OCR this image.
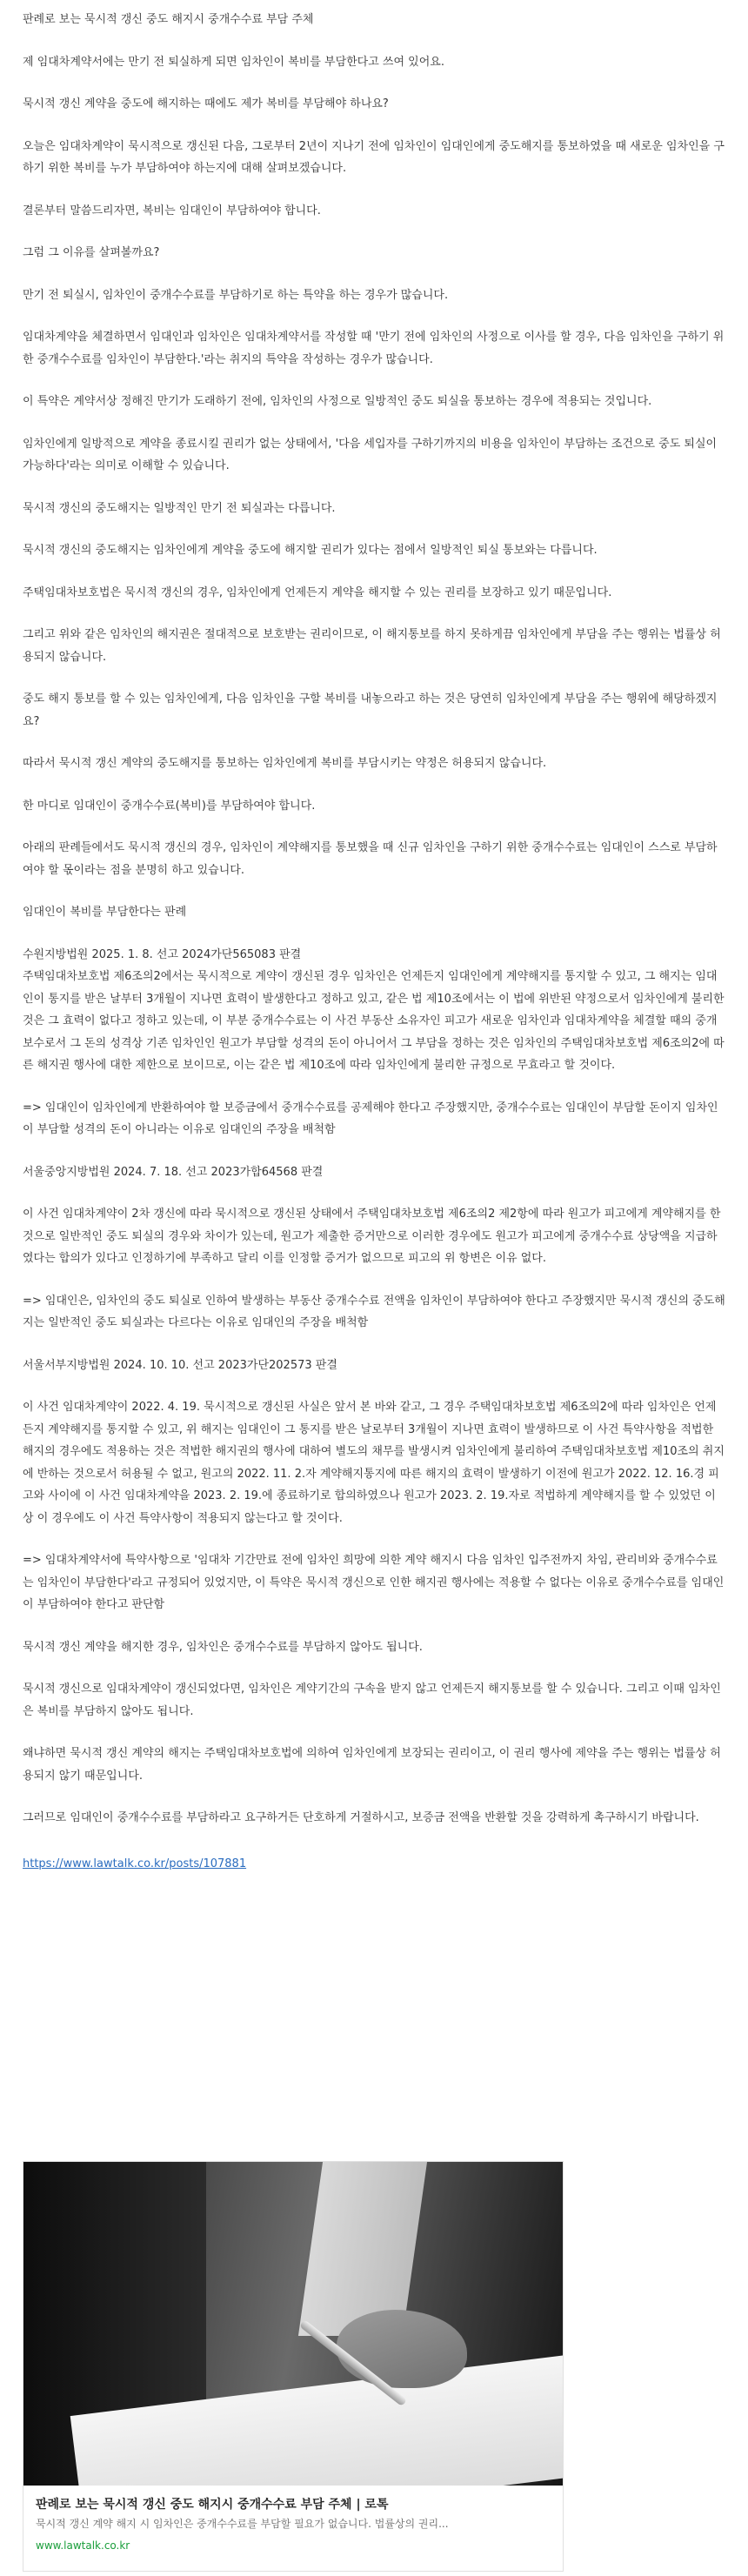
판례로 보는 묵시적 갱신 중도 해지시 중개수수료 부담 주체

제 임대차계약서에는 만기 전 퇴실하게 되면 임차인이 복비를 부담한다고 쓰여 있어요.

묵시적 갱신 계약을 중도에 해지하는 때에도 제가 복비를 부담해야 하나요?

오늘은 임대차계약이 묵시적으로 갱신된 다음, 그로부터 2년이 지나기 전에 임차인이 임대인에게 중도해지를 통보하였을 때 새로운 임차인을 구하기 위한 복비를 누가 부담하여야 하는지에 대해 살펴보겠습니다.

결론부터 말씀드리자면, 복비는 임대인이 부담하여야 합니다.

그럼 그 이유를 살펴볼까요?

만기 전 퇴실시, 임차인이 중개수수료를 부담하기로 하는 특약을 하는 경우가 많습니다.

임대차계약을 체결하면서 임대인과 임차인은 임대차계약서를 작성할 때 '만기 전에 임차인의 사정으로 이사를 할 경우, 다음 임차인을 구하기 위한 중개수수료를 임차인이 부담한다.'라는 취지의 특약을 작성하는 경우가 많습니다.

이 특약은 계약서상 정해진 만기가 도래하기 전에, 임차인의 사정으로 일방적인 중도 퇴실을 통보하는 경우에 적용되는 것입니다.

임차인에게 일방적으로 계약을 종료시킬 권리가 없는 상태에서, '다음 세입자를 구하기까지의 비용을 임차인이 부담하는 조건으로 중도 퇴실이 가능하다'라는 의미로 이해할 수 있습니다.

묵시적 갱신의 중도해지는 일방적인 만기 전 퇴실과는 다릅니다.

묵시적 갱신의 중도해지는 임차인에게 계약을 중도에 해지할 권리가 있다는 점에서 일방적인 퇴실 통보와는 다릅니다.

주택임대차보호법은 묵시적 갱신의 경우, 임차인에게 언제든지 계약을 해지할 수 있는 권리를 보장하고 있기 때문입니다.

그리고 위와 같은 임차인의 해지권은 절대적으로 보호받는 권리이므로, 이 해지통보를 하지 못하게끔 임차인에게 부담을 주는 행위는 법률상 허용되지 않습니다.

중도 해지 통보를 할 수 있는 임차인에게, 다음 임차인을 구할 복비를 내놓으라고 하는 것은 당연히 임차인에게 부담을 주는 행위에 해당하겠지요?

따라서 묵시적 갱신 계약의 중도해지를 통보하는 임차인에게 복비를 부담시키는 약정은 허용되지 않습니다.

한 마디로 임대인이 중개수수료(복비)를 부담하여야 합니다.

아래의 판례들에서도 묵시적 갱신의 경우, 임차인이 계약해지를 통보했을 때 신규 임차인을 구하기 위한 중개수수료는 임대인이 스스로 부담하여야 할 몫이라는 점을 분명히 하고 있습니다.

임대인이 복비를 부담한다는 판례

수원지방법원 2025. 1. 8. 선고 2024가단565083 판결
주택임대차보호법 제6조의2에서는 묵시적으로 계약이 갱신된 경우 임차인은 언제든지 임대인에게 계약해지를 통지할 수 있고, 그 해지는 임대인이 통지를 받은 날부터 3개월이 지나면 효력이 발생한다고 정하고 있고, 같은 법 제10조에서는 이 법에 위반된 약정으로서 임차인에게 불리한 것은 그 효력이 없다고 정하고 있는데, 이 부분 중개수수료는 이 사건 부동산 소유자인 피고가 새로운 임차인과 임대차계약을 체결할 때의 중개보수로서 그 돈의 성격상 기존 임차인인 원고가 부담할 성격의 돈이 아니어서 그 부담을 정하는 것은 임차인의 주택임대차보호법 제6조의2에 따른 해지권 행사에 대한 제한으로 보이므로, 이는 같은 법 제10조에 따라 임차인에게 불리한 규정으로 무효라고 할 것이다.

=> 임대인이 임차인에게 반환하여야 할 보증금에서 중개수수료를 공제해야 한다고 주장했지만, 중개수수료는 임대인이 부담할 돈이지 임차인이 부담할 성격의 돈이 아니라는 이유로 임대인의 주장을 배척함

서울중앙지방법원 2024. 7. 18. 선고 2023가합64568 판결

이 사건 임대차계약이 2차 갱신에 따라 묵시적으로 갱신된 상태에서 주택임대차보호법 제6조의2 제2항에 따라 원고가 피고에게 계약해지를 한 것으로 일반적인 중도 퇴실의 경우와 차이가 있는데, 원고가 제출한 증거만으로 이러한 경우에도 원고가 피고에게 중개수수료 상당액을 지급하였다는 합의가 있다고 인정하기에 부족하고 달리 이를 인정할 증거가 없으므로 피고의 위 항변은 이유 없다.

=> 임대인은, 임차인의 중도 퇴실로 인하여 발생하는 부동산 중개수수료 전액을 임차인이 부담하여야 한다고 주장했지만 묵시적 갱신의 중도해지는 일반적인 중도 퇴실과는 다르다는 이유로 임대인의 주장을 배척함

서울서부지방법원 2024. 10. 10. 선고 2023가단202573 판결

이 사건 임대차계약이 2022. 4. 19. 묵시적으로 갱신된 사실은 앞서 본 바와 같고, 그 경우 주택임대차보호법 제6조의2에 따라 임차인은 언제든지 계약해지를 통지할 수 있고, 위 해지는 임대인이 그 통지를 받은 날로부터 3개월이 지나면 효력이 발생하므로 이 사건 특약사항을 적법한 해지의 경우에도 적용하는 것은 적법한 해지권의 행사에 대하여 별도의 채무를 발생시켜 임차인에게 불리하여 주택임대차보호법 제10조의 취지에 반하는 것으로서 허용될 수 없고, 원고의 2022. 11. 2.자 계약해지통지에 따른 해지의 효력이 발생하기 이전에 원고가 2022. 12. 16.경 피고와 사이에 이 사건 임대차계약을 2023. 2. 19.에 종료하기로 합의하였으나 원고가 2023. 2. 19.자로 적법하게 계약해지를 할 수 있었던 이상 이 경우에도 이 사건 특약사항이 적용되지 않는다고 할 것이다.

=> 임대차계약서에 특약사항으로 '임대차 기간만료 전에 임차인 희망에 의한 계약 해지시 다음 임차인 입주전까지 차임, 관리비와 중개수수료는 임차인이 부담한다'라고 규정되어 있었지만, 이 특약은 묵시적 갱신으로 인한 해지권 행사에는 적용할 수 없다는 이유로 중개수수료를 임대인이 부담하여야 한다고 판단함

묵시적 갱신 계약을 해지한 경우, 임차인은 중개수수료를 부담하지 않아도 됩니다.

묵시적 갱신으로 임대차계약이 갱신되었다면, 임차인은 계약기간의 구속을 받지 않고 언제든지 해지통보를 할 수 있습니다. 그리고 이때 임차인은 복비를 부담하지 않아도 됩니다.

왜냐하면 묵시적 갱신 계약의 해지는 주택임대차보호법에 의하여 임차인에게 보장되는 권리이고, 이 권리 행사에 제약을 주는 행위는 법률상 허용되지 않기 때문입니다.

그러므로 임대인이 중개수수료를 부담하라고 요구하거든 단호하게 거절하시고, 보증금 전액을 반환할 것을 강력하게 촉구하시기 바랍니다.

https://www.lawtalk.co.kr/posts/107881
판례로 보는 묵시적 갱신 중도 해지시 중개수수료 부담 주체 | 로톡
묵시적 갱신 계약 해지 시 임차인은 중개수수료를 부담할 필요가 없습니다. 법률상의 권리...
www.lawtalk.co.kr
